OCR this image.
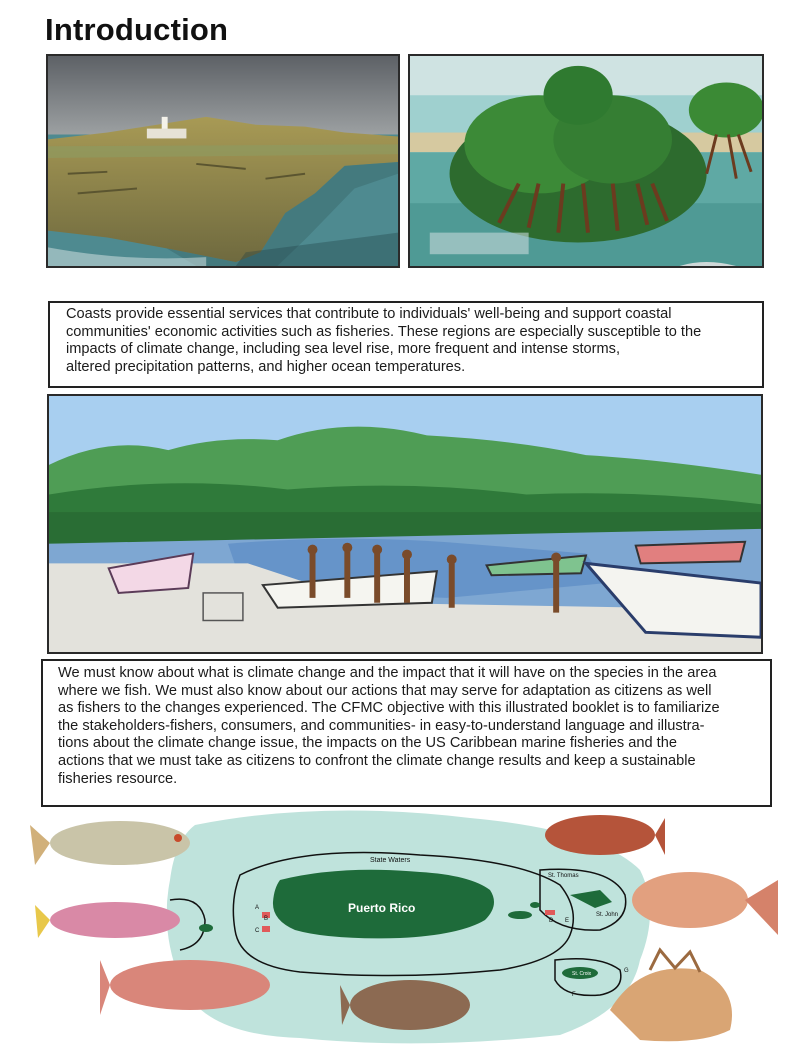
Introduction
Coasts provide essential services that contribute to individuals' well-being and support coastal
communities' economic activities such as fisheries. These regions are especially susceptible to the
impacts of climate change, including sea level rise, more frequent and intense storms,
altered precipitation patterns, and higher ocean temperatures.
We must know about what is climate change and the impact that it will have on the species in the area
where we fish. We must also know about our actions that may serve for adaptation as citizens as well
as fishers to the changes experienced. The CFMC objective with this illustrated booklet is to familiarize
the stakeholders-fishers, consumers, and communities- in easy-to-understand language and illustra-
tions about the climate change issue, the impacts on the US Caribbean marine fisheries and the
actions that we must take as citizens to confront the climate change results and keep a sustainable
fisheries resource.
State Waters
Puerto Rico
St. Thomas
St. John
St. Croix
A
B
C
D E
F
G
